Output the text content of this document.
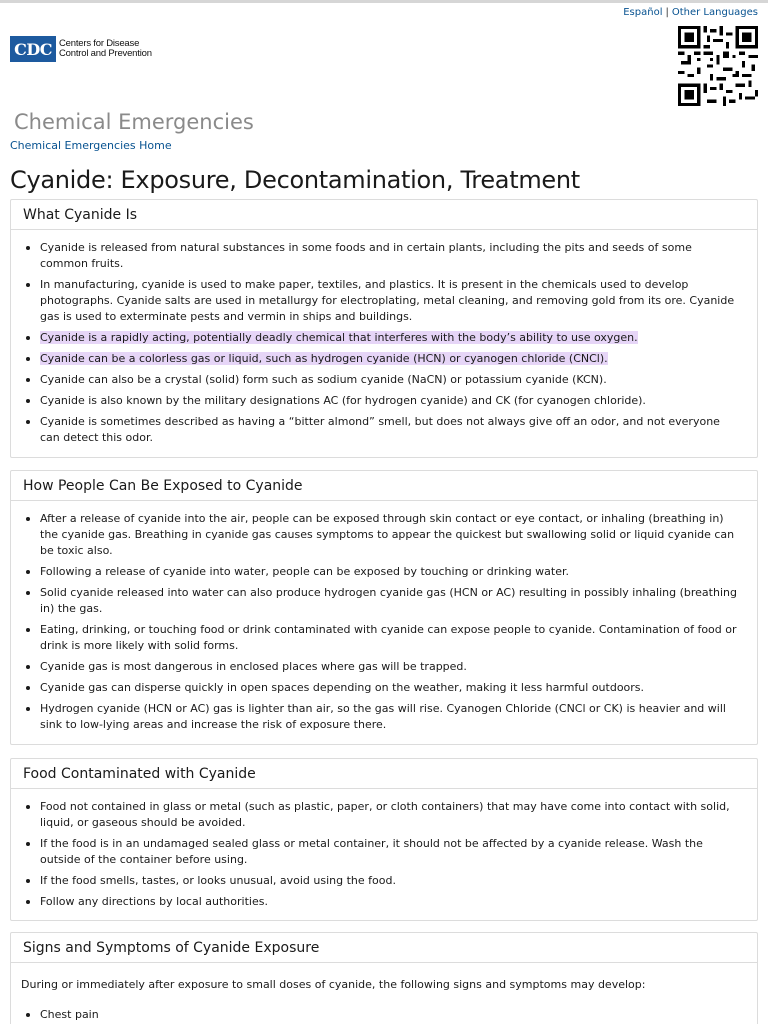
Español | Other Languages
CDC Centers for Disease
Control and Prevention
Chemical Emergencies
Chemical Emergencies Home
Cyanide: Exposure, Decontamination, Treatment
What Cyanide Is
Cyanide is released from natural substances in some foods and in certain plants, including the pits and seeds of some common fruits.
In manufacturing, cyanide is used to make paper, textiles, and plastics. It is present in the chemicals used to develop photographs. Cyanide salts are used in metallurgy for electroplating, metal cleaning, and removing gold from its ore. Cyanide gas is used to exterminate pests and vermin in ships and buildings.
Cyanide is a rapidly acting, potentially deadly chemical that interferes with the body’s ability to use oxygen.
Cyanide can be a colorless gas or liquid, such as hydrogen cyanide (HCN) or cyanogen chloride (CNCl).
Cyanide can also be a crystal (solid) form such as sodium cyanide (NaCN) or potassium cyanide (KCN).
Cyanide is also known by the military designations AC (for hydrogen cyanide) and CK (for cyanogen chloride).
Cyanide is sometimes described as having a “bitter almond” smell, but does not always give off an odor, and not everyone can detect this odor.
How People Can Be Exposed to Cyanide
After a release of cyanide into the air, people can be exposed through skin contact or eye contact, or inhaling (breathing in) the cyanide gas. Breathing in cyanide gas causes symptoms to appear the quickest but swallowing solid or liquid cyanide can be toxic also.
Following a release of cyanide into water, people can be exposed by touching or drinking water.
Solid cyanide released into water can also produce hydrogen cyanide gas (HCN or AC) resulting in possibly inhaling (breathing in) the gas.
Eating, drinking, or touching food or drink contaminated with cyanide can expose people to cyanide. Contamination of food or drink is more likely with solid forms.
Cyanide gas is most dangerous in enclosed places where gas will be trapped.
Cyanide gas can disperse quickly in open spaces depending on the weather, making it less harmful outdoors.
Hydrogen cyanide (HCN or AC) gas is lighter than air, so the gas will rise. Cyanogen Chloride (CNCl or CK) is heavier and will sink to low-lying areas and increase the risk of exposure there.
Food Contaminated with Cyanide
Food not contained in glass or metal (such as plastic, paper, or cloth containers) that may have come into contact with solid, liquid, or gaseous should be avoided.
If the food is in an undamaged sealed glass or metal container, it should not be affected by a cyanide release. Wash the outside of the container before using.
If the food smells, tastes, or looks unusual, avoid using the food.
Follow any directions by local authorities.
Signs and Symptoms of Cyanide Exposure

During or immediately after exposure to small doses of cyanide, the following signs and symptoms may develop:

Chest pain
